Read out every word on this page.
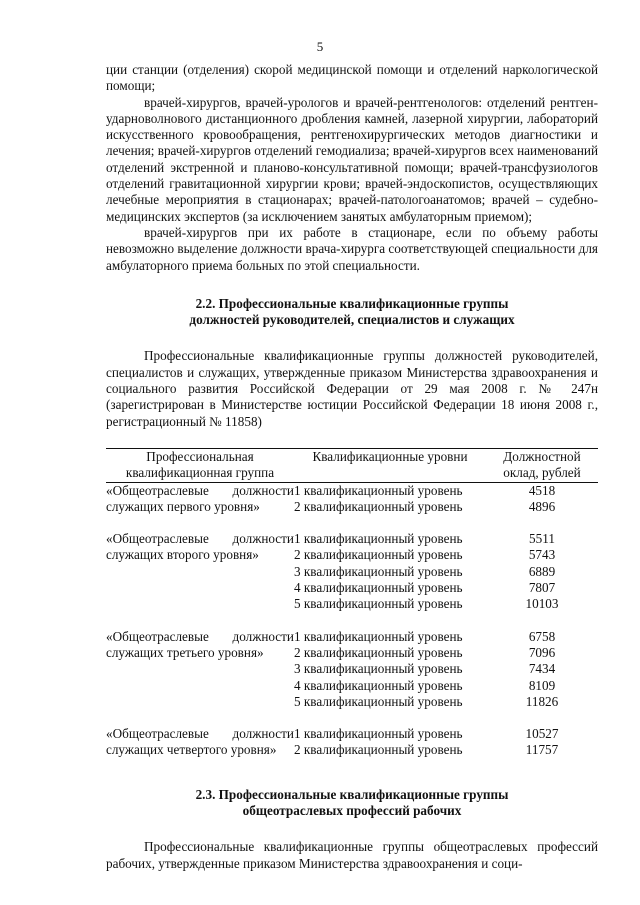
5

ции станции (отделения) скорой медицинской помощи и отделений наркологической помощи;

врачей-хирургов, врачей-урологов и врачей-рентгенологов: отделений рентген-ударноволнового дистанционного дробления камней, лазерной хирургии, лабораторий искусственного кровообращения, рентгенохирургических методов диагностики и лечения; врачей-хирургов отделений гемодиализа; врачей-хирургов всех наименований отделений экстренной и планово-консультативной помощи; врачей-трансфузиологов отделений гравитационной хирургии крови; врачей-эндоскопистов, осуществляющих лечебные мероприятия в стационарах; врачей-патологоанатомов; врачей – судебно-медицинских экспертов (за исключением занятых амбулаторным приемом);

врачей-хирургов при их работе в стационаре, если по объему работы невозможно выделение должности врача-хирурга соответствующей специальности для амбулаторного приема больных по этой специальности.

2.2. Профессиональные квалификационные группы
должностей руководителей, специалистов и служащих

Профессиональные квалификационные группы должностей руководителей, специалистов и служащих, утвержденные приказом Министерства здравоохранения и социального развития Российской Федерации от 29 мая 2008 г. № 247н (зарегистрирован в Министерстве юстиции Российской Федерации 18 июня 2008 г., регистрационный № 11858)

Профессиональная квалификационная группа	Квалификационные уровни	Должностной оклад, рублей
«Общеотраслевые должности служащих первого уровня»	1 квалификационный уровень	4518
	2 квалификационный уровень	4896

«Общеотраслевые должности служащих второго уровня»	1 квалификационный уровень	5511
	2 квалификационный уровень	5743
	3 квалификационный уровень	6889
	4 квалификационный уровень	7807
	5 квалификационный уровень	10103

«Общеотраслевые должности служащих третьего уровня»	1 квалификационный уровень	6758
	2 квалификационный уровень	7096
	3 квалификационный уровень	7434
	4 квалификационный уровень	8109
	5 квалификационный уровень	11826

«Общеотраслевые должности служащих четвертого уровня»	1 квалификационный уровень	10527
	2 квалификационный уровень	11757
2.3. Профессиональные квалификационные группы
общеотраслевых профессий рабочих

Профессиональные квалификационные группы общеотраслевых профессий рабочих, утвержденные приказом Министерства здравоохранения и соци-
